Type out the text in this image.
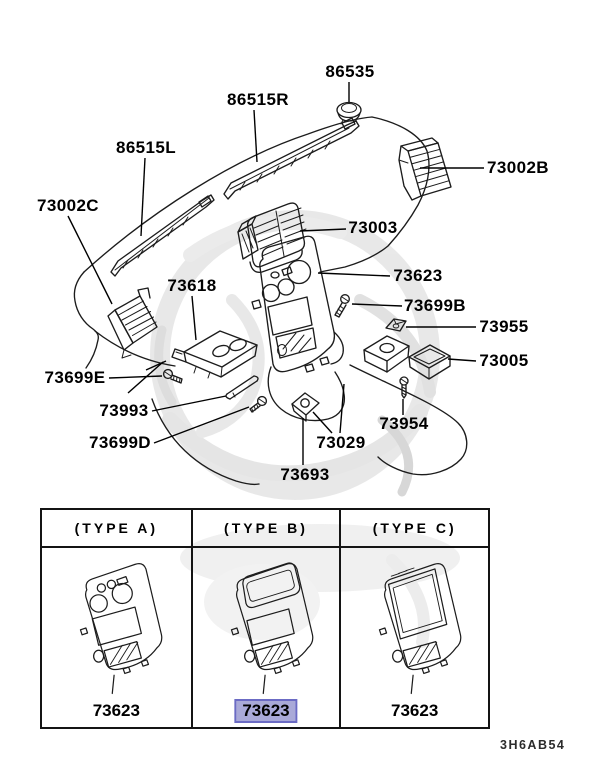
(TYPE A)
73623
(TYPE B)
73623
(TYPE C)
73623
3H6AB54
86535
86515R
86515L
73002B
73002C
73003
73623
73699B
73955
73618
73005
73699E
73993
73699D
73954
73029
73693
